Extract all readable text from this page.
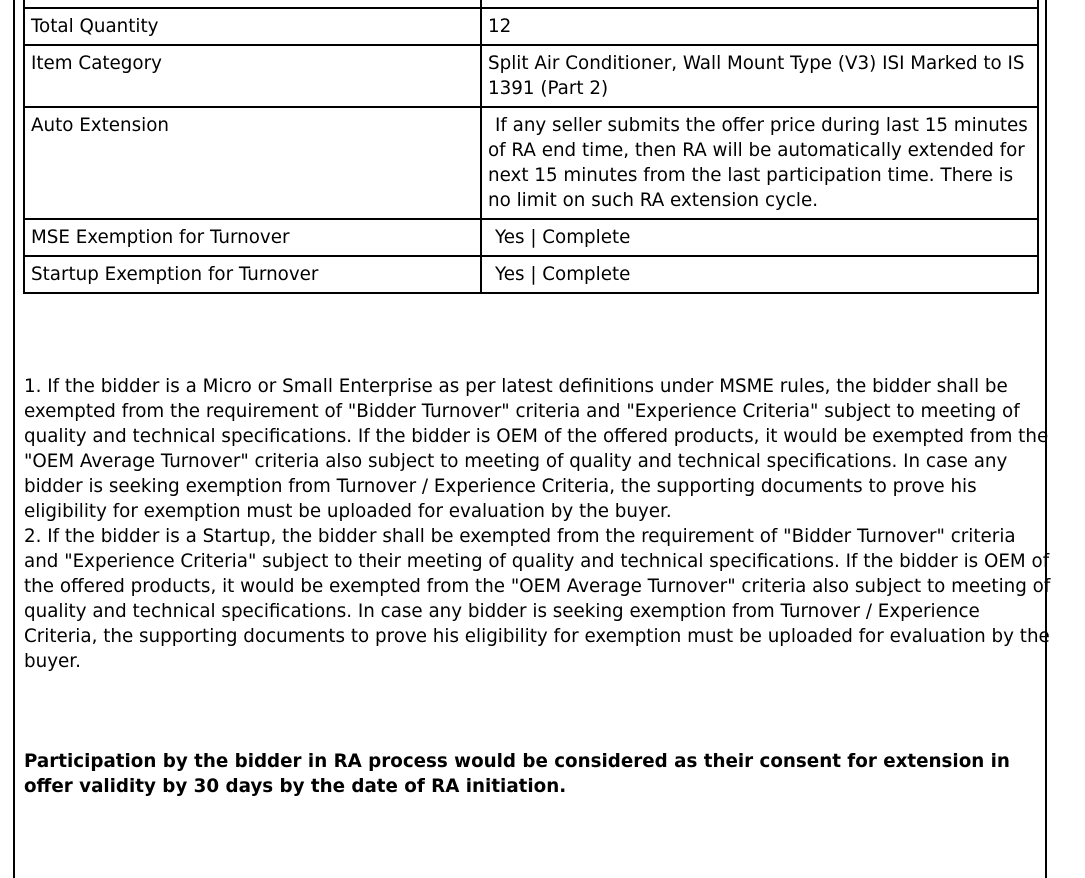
Total Quantity	12
Item Category	Split Air Conditioner, Wall Mount Type (V3) ISI Marked to IS 1391 (Part 2)
Auto Extension	If any seller submits the offer price during last 15 minutes of RA end time, then RA will be automatically extended for next 15 minutes from the last participation time. There is no limit on such RA extension cycle.
MSE Exemption for Turnover	Yes | Complete
Startup Exemption for Turnover	Yes | Complete

1. If the bidder is a Micro or Small Enterprise as per latest definitions under MSME rules, the bidder shall be exempted from the requirement of "Bidder Turnover" criteria and "Experience Criteria" subject to meeting of quality and technical specifications. If the bidder is OEM of the offered products, it would be exempted from the "OEM Average Turnover" criteria also subject to meeting of quality and technical specifications. In case any bidder is seeking exemption from Turnover / Experience Criteria, the supporting documents to prove his eligibility for exemption must be uploaded for evaluation by the buyer.

2. If the bidder is a Startup, the bidder shall be exempted from the requirement of "Bidder Turnover" criteria and "Experience Criteria" subject to their meeting of quality and technical specifications. If the bidder is OEM of the offered products, it would be exempted from the "OEM Average Turnover" criteria also subject to meeting of quality and technical specifications. In case any bidder is seeking exemption from Turnover / Experience Criteria, the supporting documents to prove his eligibility for exemption must be uploaded for evaluation by the buyer.

Participation by the bidder in RA process would be considered as their consent for extension in offer validity by 30 days by the date of RA initiation.
